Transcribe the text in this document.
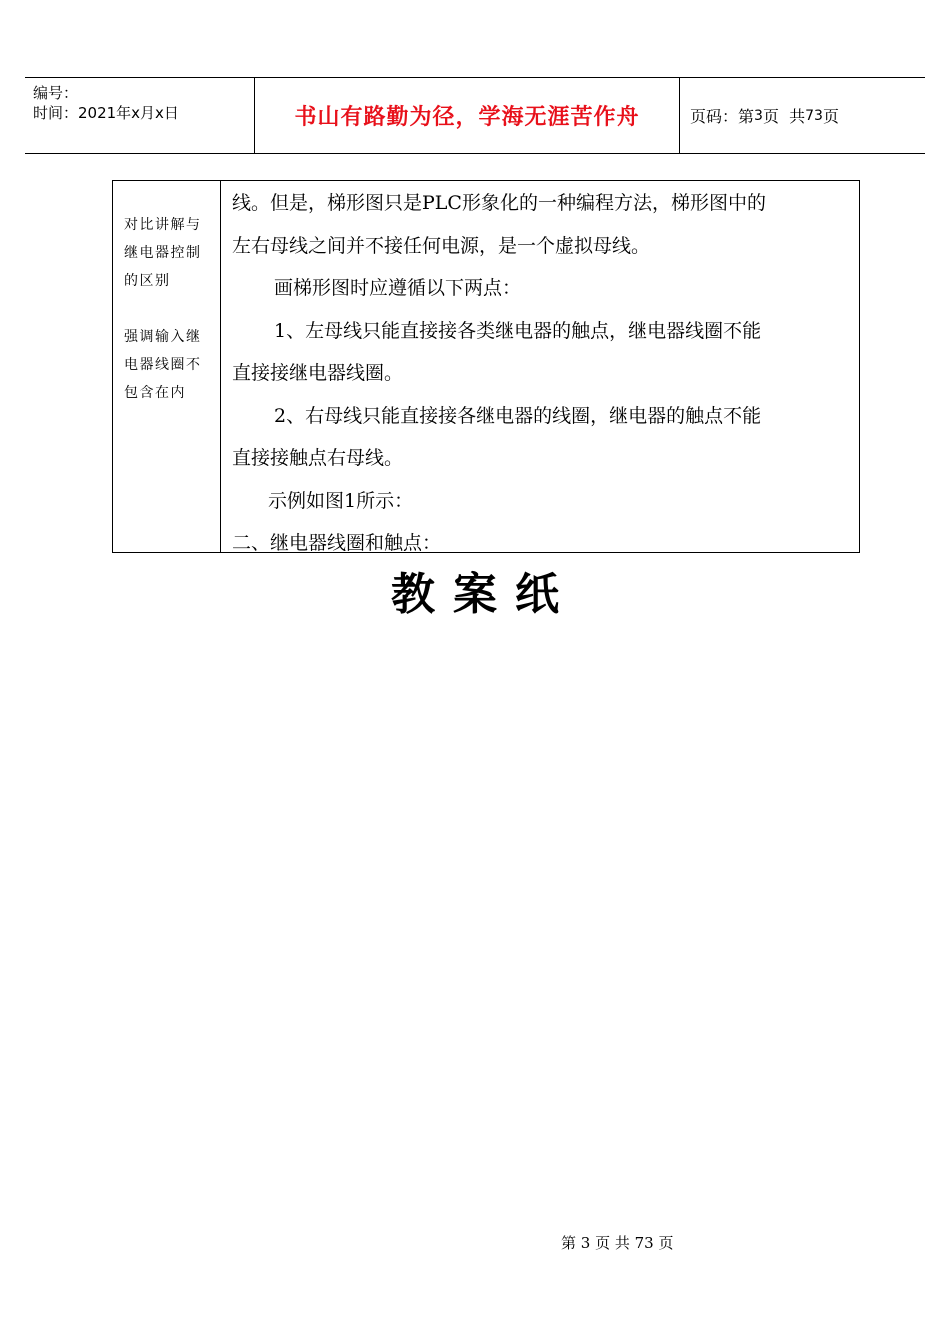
编号：
时间：2021年x月x日	书山有路勤为径，学海无涯苦作舟	页码：第 3 页  共 73 页
对比讲解与
继电器控制
的区别
强调输入继
电器线圈不
包含在内

线。但是，梯形图只是PLC形象化的一种编程方法，梯形图中的

左右母线之间并不接任何电源，是一个虚拟母线。

画梯形图时应遵循以下两点：

1、左母线只能直接接各类继电器的触点，继电器线圈不能

直接接继电器线圈。

2、右母线只能直接接各继电器的线圈，继电器的触点不能

直接接触点右母线。

示例如图1所示：

二、继电器线圈和触点：

教案纸
第 3 页 共 73 页
